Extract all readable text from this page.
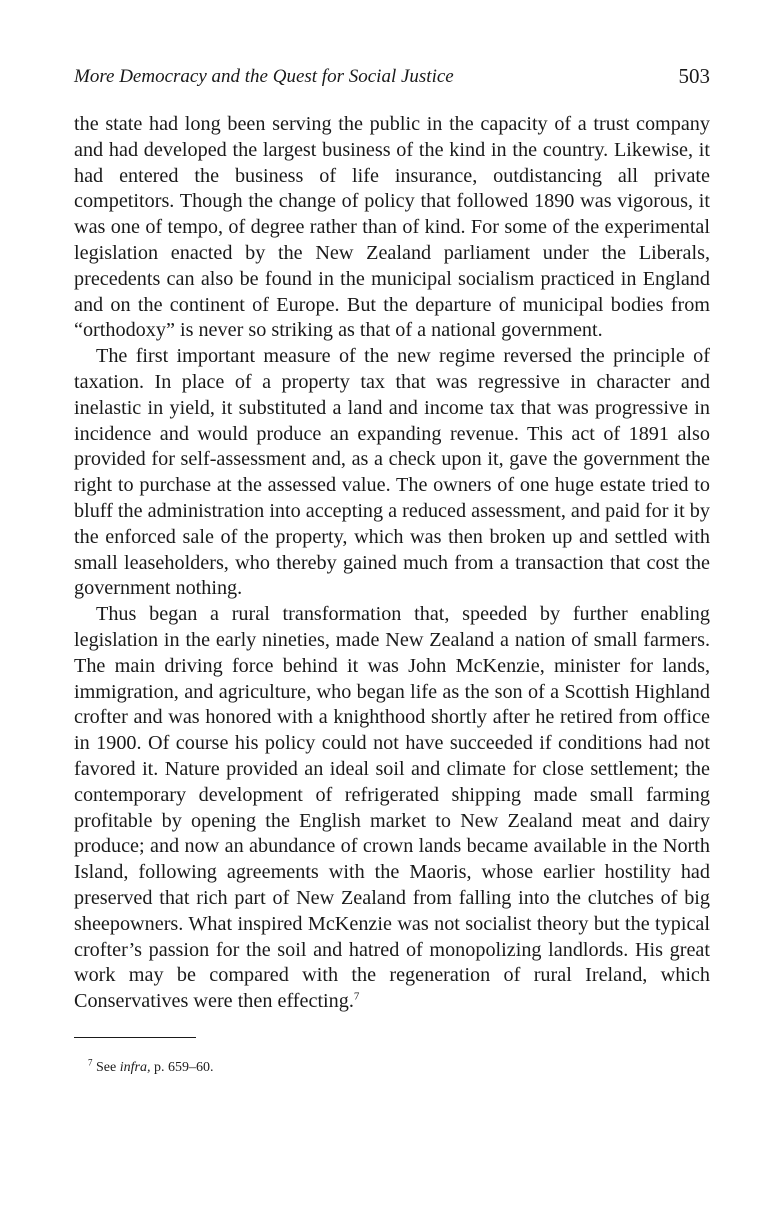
More Democracy and the Quest for Social Justice	503

the state had long been serving the public in the capacity of a trust company and had developed the largest business of the kind in the country. Likewise, it had entered the business of life insurance, outdistancing all private competitors. Though the change of policy that followed 1890 was vigorous, it was one of tempo, of degree rather than of kind. For some of the experimental legislation enacted by the New Zealand parliament under the Liberals, precedents can also be found in the municipal socialism practiced in England and on the continent of Europe. But the departure of municipal bodies from “orthodoxy” is never so striking as that of a national government.

The first important measure of the new regime reversed the principle of taxation. In place of a property tax that was regressive in character and inelastic in yield, it substituted a land and income tax that was progressive in incidence and would produce an expanding revenue. This act of 1891 also provided for self-assessment and, as a check upon it, gave the government the right to purchase at the assessed value. The owners of one huge estate tried to bluff the administration into accepting a reduced assessment, and paid for it by the enforced sale of the property, which was then broken up and settled with small leaseholders, who thereby gained much from a transaction that cost the government nothing.

Thus began a rural transformation that, speeded by further enabling legislation in the early nineties, made New Zealand a nation of small farmers. The main driving force behind it was John McKenzie, minister for lands, immigration, and agriculture, who began life as the son of a Scottish Highland crofter and was honored with a knighthood shortly after he retired from office in 1900. Of course his policy could not have succeeded if conditions had not favored it. Nature provided an ideal soil and climate for close settlement; the contemporary development of refrigerated shipping made small farming profitable by opening the English market to New Zealand meat and dairy produce; and now an abundance of crown lands became available in the North Island, following agreements with the Maoris, whose earlier hostility had preserved that rich part of New Zealand from falling into the clutches of big sheepowners. What inspired McKenzie was not socialist theory but the typical crofter’s passion for the soil and hatred of monopolizing landlords. His great work may be compared with the regeneration of rural Ireland, which Conservatives were then effecting.$^7$

$^7$ See infra, p. 659–60.
